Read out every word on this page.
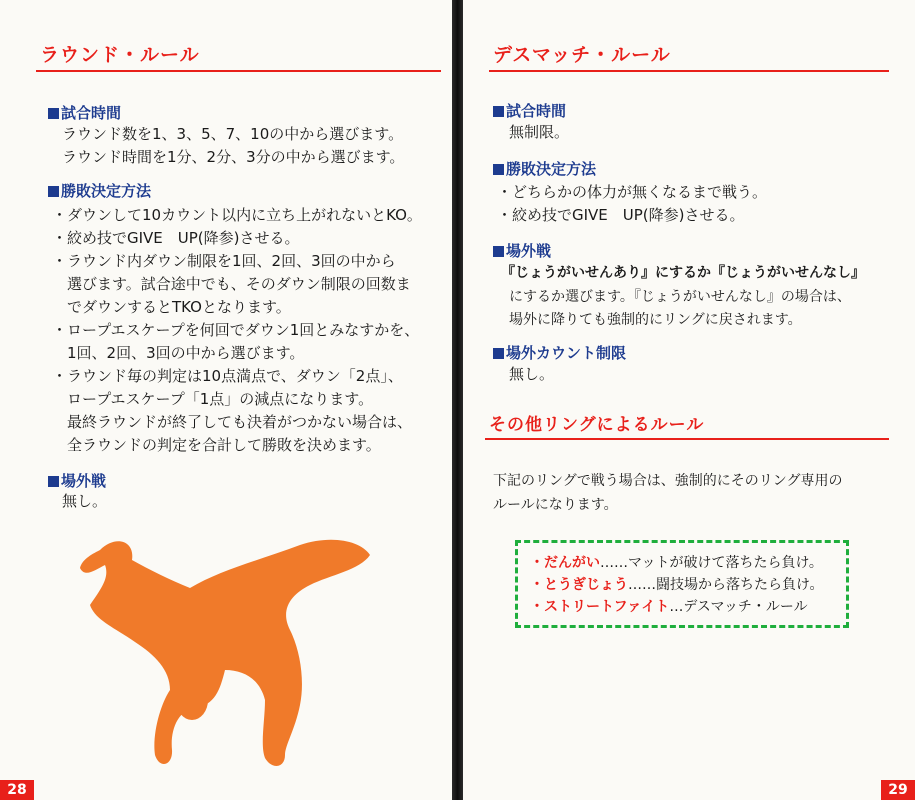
ラウンド・ルール
試合時間
ラウンド数を1、3、5、7、10の中から選びます。
ラウンド時間を1分、2分、3分の中から選びます。
勝敗決定方法
・ダウンして10カウント以内に立ち上がれないとKO。
・絞め技でGIVE　UP(降参)させる。
・ラウンド内ダウン制限を1回、2回、3回の中から
　選びます。試合途中でも、そのダウン制限の回数ま
　でダウンするとTKOとなります。
・ロープエスケープを何回でダウン1回とみなすかを、
　1回、2回、3回の中から選びます。
・ラウンド毎の判定は10点満点で、ダウン「2点」、
　ロープエスケープ「1点」の減点になります。
　最終ラウンドが終了しても決着がつかない場合は、
　全ラウンドの判定を合計して勝敗を決めます。
場外戦
無し。
28
デスマッチ・ルール
試合時間
無制限。
勝敗決定方法
・どちらかの体力が無くなるまで戦う。
・絞め技でGIVE　UP(降参)させる。
場外戦
『じょうがいせんあり』にするか『じょうがいせんなし』
にするか選びます。『じょうがいせんなし』の場合は、
場外に降りても強制的にリングに戻されます。
場外カウント制限
無し。
その他リングによるルール
下記のリングで戦う場合は、強制的にそのリング専用の
ルールになります。
・だんがい……マットが破けて落ちたら負け。
・とうぎじょう……闘技場から落ちたら負け。
・ストリートファイト…デスマッチ・ルール
29
